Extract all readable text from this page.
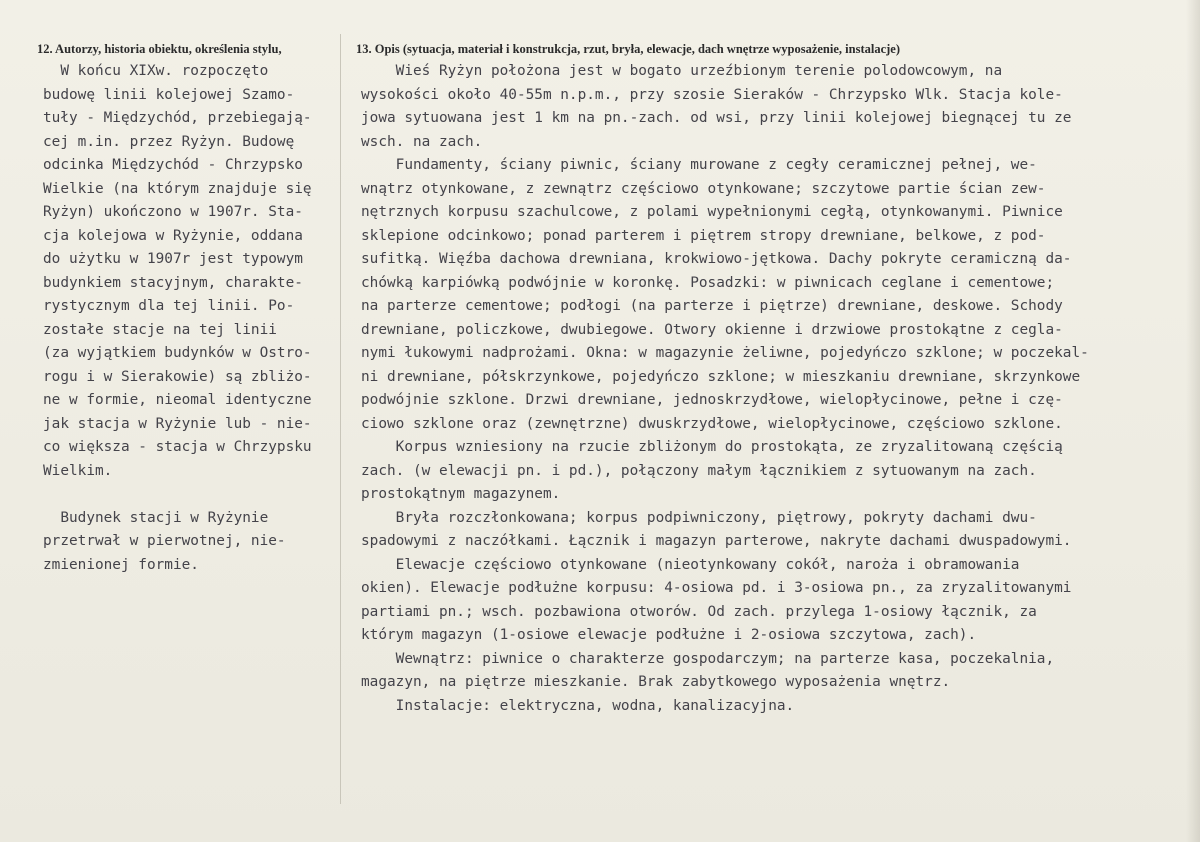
12. Autorzy, historia obiektu, określenia stylu,	13. Opis (sytuacja, materiał i konstrukcja, rzut, bryła, elewacje, dach wnętrze wyposażenie, instalacje)
W końcu XIXw. rozpoczęto
budowę linii kolejowej Szamo-
tuły - Międzychód, przebiegają-
cej m.in. przez Ryżyn. Budowę
odcinka Międzychód - Chrzypsko
Wielkie (na którym znajduje się
Ryżyn) ukończono w 1907r. Sta-
cja kolejowa w Ryżynie, oddana
do użytku w 1907r jest typowym
budynkiem stacyjnym, charakte-
rystycznym dla tej linii. Po-
zostałe stacje na tej linii
(za wyjątkiem budynków w Ostro-
rogu i w Sierakowie) są zbliżo-
ne w formie, nieomal identyczne
jak stacja w Ryżynie lub - nie-
co większa - stacja w Chrzypsku
Wielkim.
Budynek stacji w Ryżynie
przetrwał w pierwotnej, nie-
zmienionej formie.
Wieś Ryżyn położona jest w bogato urzeźbionym terenie polodowcowym, na
wysokości około 40-55m n.p.m., przy szosie Sieraków - Chrzypsko Wlk. Stacja kole-
jowa sytuowana jest 1 km na pn.-zach. od wsi, przy linii kolejowej biegnącej tu ze
wsch. na zach.
Fundamenty, ściany piwnic, ściany murowane z cegły ceramicznej pełnej, we-
wnątrz otynkowane, z zewnątrz częściowo otynkowane; szczytowe partie ścian zew-
nętrznych korpusu szachulcowe, z polami wypełnionymi cegłą, otynkowanymi. Piwnice
sklepione odcinkowo; ponad parterem i piętrem stropy drewniane, belkowe, z pod-
sufitką. Więźba dachowa drewniana, krokwiowo-jętkowa. Dachy pokryte ceramiczną da-
chówką karpiówką podwójnie w koronkę. Posadzki: w piwnicach ceglane i cementowe;
na parterze cementowe; podłogi (na parterze i piętrze) drewniane, deskowe. Schody
drewniane, policzkowe, dwubiegowe. Otwory okienne i drzwiowe prostokątne z cegla-
nymi łukowymi nadprożami. Okna: w magazynie żeliwne, pojedyńczo szklone; w poczekal-
ni drewniane, półskrzynkowe, pojedyńczo szklone; w mieszkaniu drewniane, skrzynkowe
podwójnie szklone. Drzwi drewniane, jednoskrzydłowe, wielopłycinowe, pełne i czę-
ciowo szklone oraz (zewnętrzne) dwuskrzydłowe, wielopłycinowe, częściowo szklone.
Korpus wzniesiony na rzucie zbliżonym do prostokąta, ze zryzalitowaną częścią
zach. (w elewacji pn. i pd.), połączony małym łącznikiem z sytuowanym na zach.
prostokątnym magazynem.
Bryła rozczłonkowana; korpus podpiwniczony, piętrowy, pokryty dachami dwu-
spadowymi z naczółkami. Łącznik i magazyn parterowe, nakryte dachami dwuspadowymi.
Elewacje częściowo otynkowane (nieotynkowany cokół, naroża i obramowania
okien). Elewacje podłużne korpusu: 4-osiowa pd. i 3-osiowa pn., za zryzalitowanymi
partiami pn.; wsch. pozbawiona otworów. Od zach. przylega 1-osiowy łącznik, za
którym magazyn (1-osiowe elewacje podłużne i 2-osiowa szczytowa, zach).
Wewnątrz: piwnice o charakterze gospodarczym; na parterze kasa, poczekalnia,
magazyn, na piętrze mieszkanie. Brak zabytkowego wyposażenia wnętrz.
Instalacje: elektryczna, wodna, kanalizacyjna.
